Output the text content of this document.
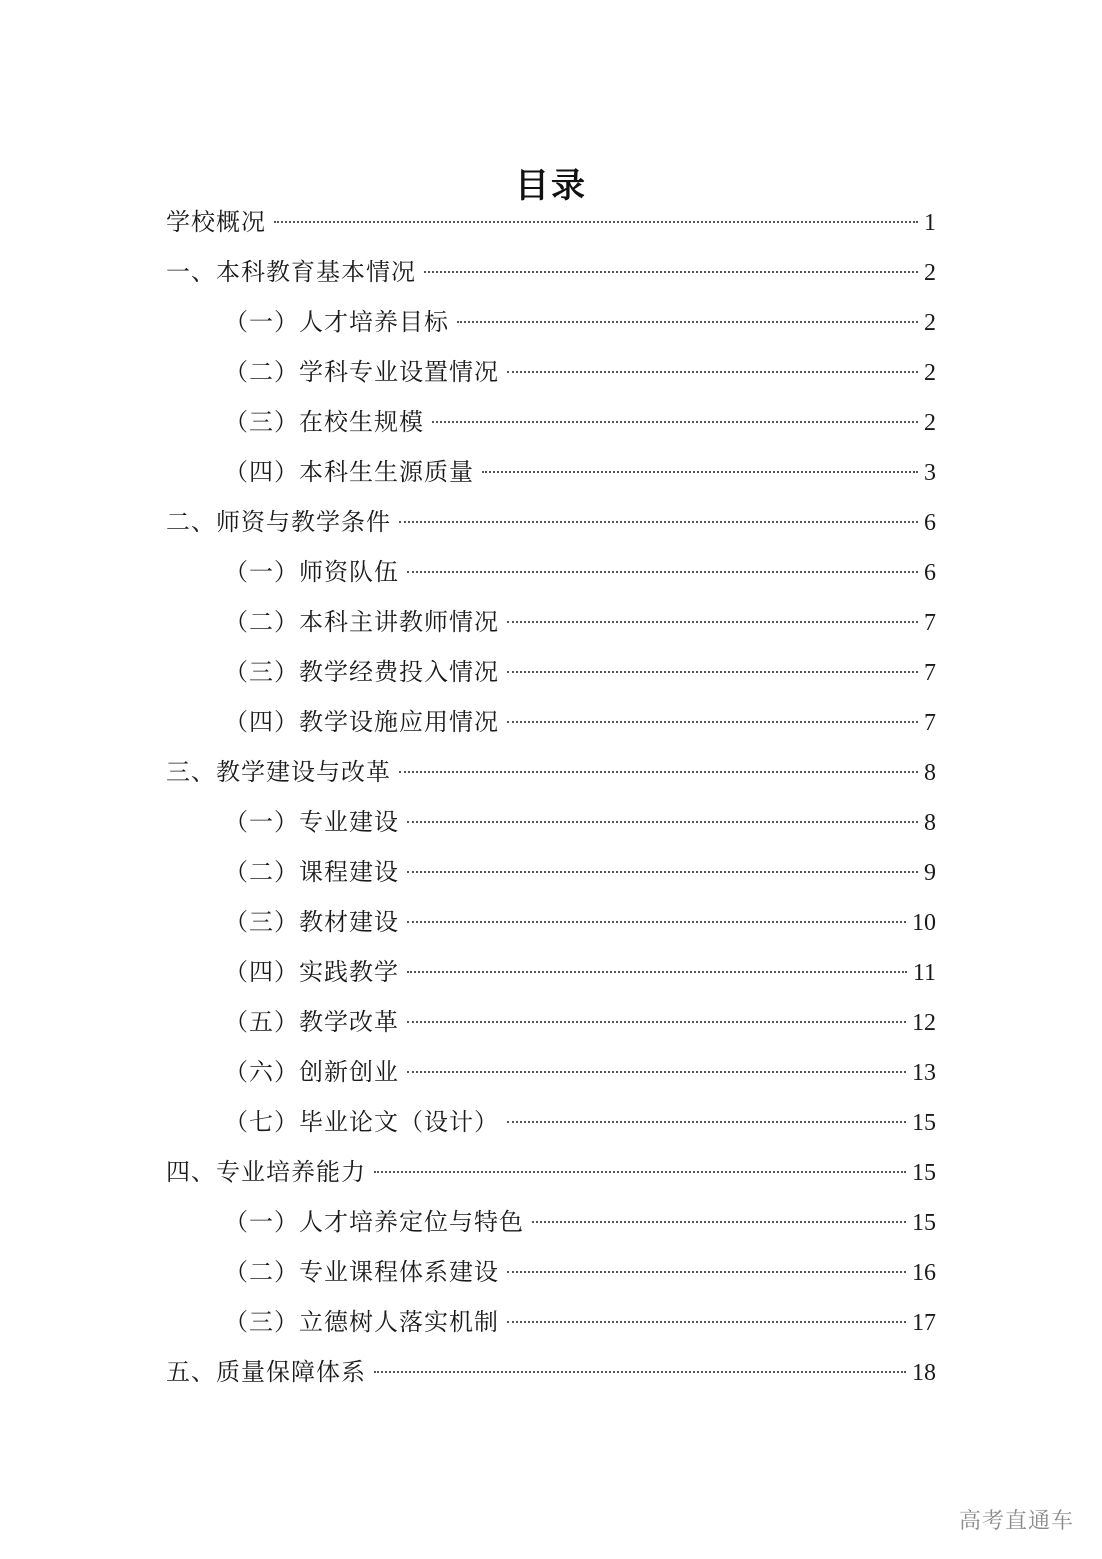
目录
学校概况	1
一、本科教育基本情况	2
（一）人才培养目标	2
（二）学科专业设置情况	2
（三）在校生规模	2
（四）本科生生源质量	3
二、师资与教学条件	6
（一）师资队伍	6
（二）本科主讲教师情况	7
（三）教学经费投入情况	7
（四）教学设施应用情况	7
三、教学建设与改革	8
（一）专业建设	8
（二）课程建设	9
（三）教材建设	10
（四）实践教学	11
（五）教学改革	12
（六）创新创业	13
（七）毕业论文（设计）	15
四、专业培养能力	15
（一）人才培养定位与特色	15
（二）专业课程体系建设	16
（三）立德树人落实机制	17
五、质量保障体系	18
高考直通车
